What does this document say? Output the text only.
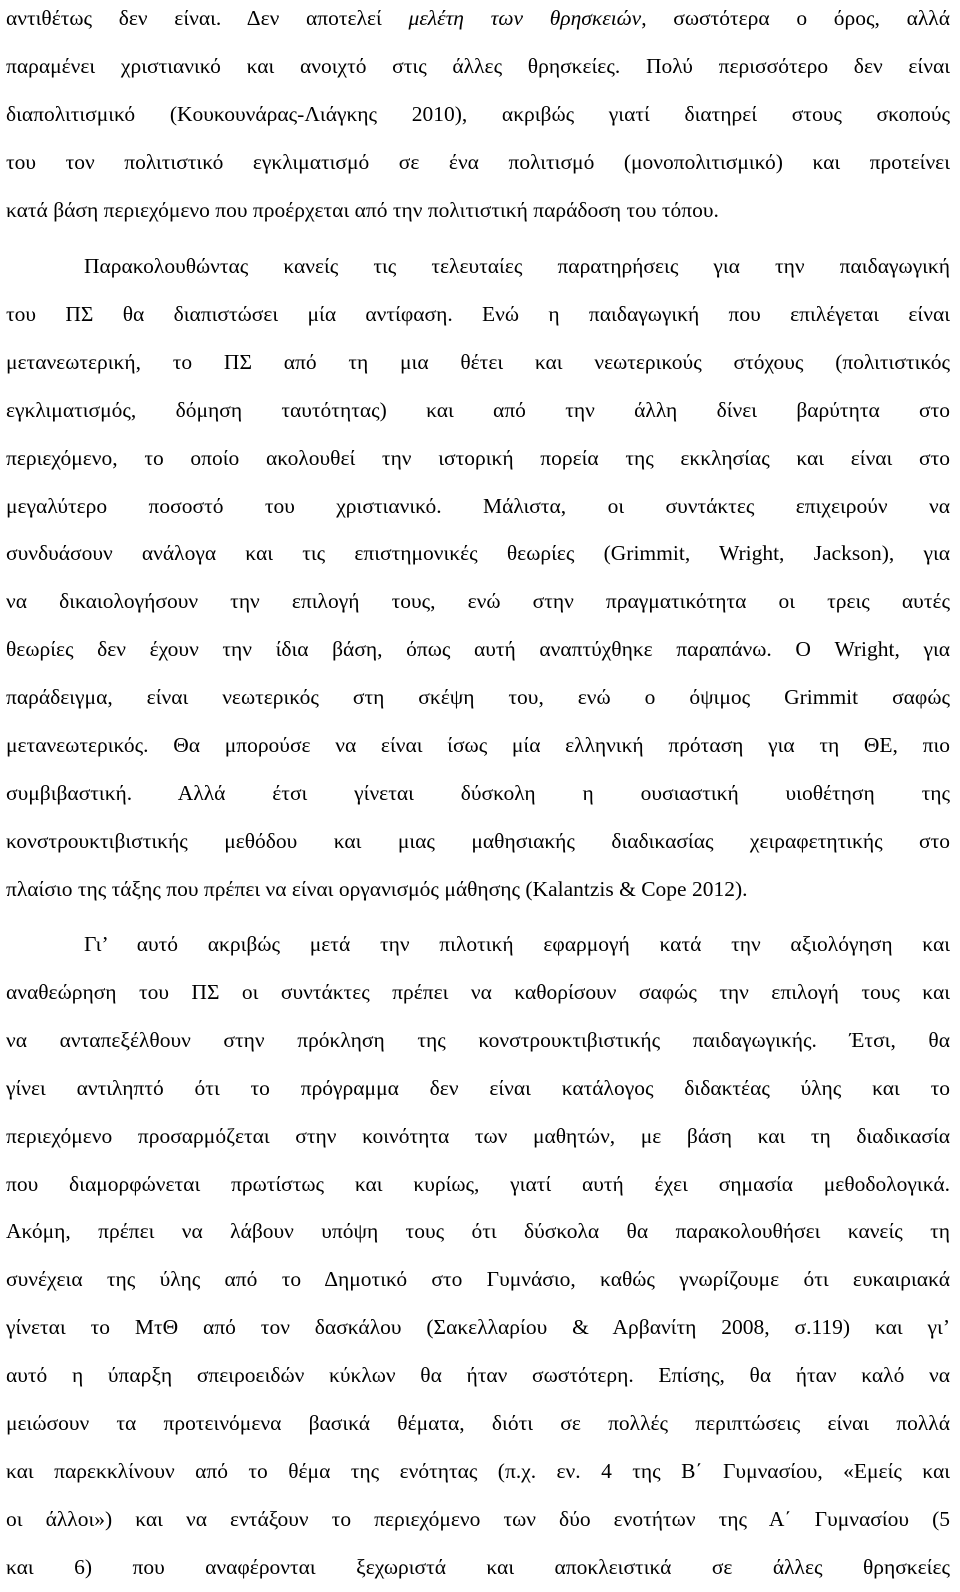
αντιθέτως δεν είναι. Δεν αποτελεί μελέτη των θρησκειών, σωστότερα ο όρος, αλλά
παραμένει χριστιανικό και ανοιχτό στις άλλες θρησκείες. Πολύ περισσότερο δεν είναι
διαπολιτισμικό (Κουκουνάρας-Λιάγκης 2010), ακριβώς γιατί διατηρεί στους σκοπούς
του τον πολιτιστικό εγκλιματισμό σε ένα πολιτισμό (μονοπολιτισμικό) και προτείνει
κατά βάση περιεχόμενο που προέρχεται από την πολιτιστική παράδοση του τόπου.
Παρακολουθώντας κανείς τις τελευταίες παρατηρήσεις για την παιδαγωγική
του ΠΣ θα διαπιστώσει μία αντίφαση. Ενώ η παιδαγωγική που επιλέγεται είναι
μετανεωτερική, το ΠΣ από τη μια θέτει και νεωτερικούς στόχους (πολιτιστικός
εγκλιματισμός, δόμηση ταυτότητας) και από την άλλη δίνει βαρύτητα στο
περιεχόμενο, το οποίο ακολουθεί την ιστορική πορεία της εκκλησίας και είναι στο
μεγαλύτερο ποσοστό του χριστιανικό. Μάλιστα, οι συντάκτες επιχειρούν να
συνδυάσουν ανάλογα και τις επιστημονικές θεωρίες (Grimmit, Wright, Jackson), για
να δικαιολογήσουν την επιλογή τους, ενώ στην πραγματικότητα οι τρεις αυτές
θεωρίες δεν έχουν την ίδια βάση, όπως αυτή αναπτύχθηκε παραπάνω. Ο Wright, για
παράδειγμα, είναι νεωτερικός στη σκέψη του, ενώ ο όψιμος Grimmit σαφώς
μετανεωτερικός. Θα μπορούσε να είναι ίσως μία ελληνική πρόταση για τη ΘΕ, πιο
συμβιβαστική. Αλλά έτσι γίνεται δύσκολη η ουσιαστική υιοθέτηση της
κονστρουκτιβιστικής μεθόδου και μιας μαθησιακής διαδικασίας χειραφετητικής στο
πλαίσιο της τάξης που πρέπει να είναι οργανισμός μάθησης (Kalantzis & Cope 2012).
Γι’ αυτό ακριβώς μετά την πιλοτική εφαρμογή κατά την αξιολόγηση και
αναθεώρηση του ΠΣ οι συντάκτες πρέπει να καθορίσουν σαφώς την επιλογή τους και
να ανταπεξέλθουν στην πρόκληση της κονστρουκτιβιστικής παιδαγωγικής. Έτσι, θα
γίνει αντιληπτό ότι το πρόγραμμα δεν είναι κατάλογος διδακτέας ύλης και το
περιεχόμενο προσαρμόζεται στην κοινότητα των μαθητών, με βάση και τη διαδικασία
που διαμορφώνεται πρωτίστως και κυρίως, γιατί αυτή έχει σημασία μεθοδολογικά.
Ακόμη, πρέπει να λάβουν υπόψη τους ότι δύσκολα θα παρακολουθήσει κανείς τη
συνέχεια της ύλης από το Δημοτικό στο Γυμνάσιο, καθώς γνωρίζουμε ότι ευκαιριακά
γίνεται το ΜτΘ από τον δασκάλου (Σακελλαρίου & Αρβανίτη 2008, σ.119) και γι’
αυτό η ύπαρξη σπειροειδών κύκλων θα ήταν σωστότερη. Επίσης, θα ήταν καλό να
μειώσουν τα προτεινόμενα βασικά θέματα, διότι σε πολλές περιπτώσεις είναι πολλά
και παρεκκλίνουν από το θέμα της ενότητας (π.χ. εν. 4 της Β΄ Γυμνασίου, «Εμείς και
οι άλλοι») και να εντάξουν το περιεχόμενο των δύο ενοτήτων της Α΄ Γυμνασίου (5
και 6) που αναφέρονται ξεχωριστά και αποκλειστικά σε άλλες θρησκείες
